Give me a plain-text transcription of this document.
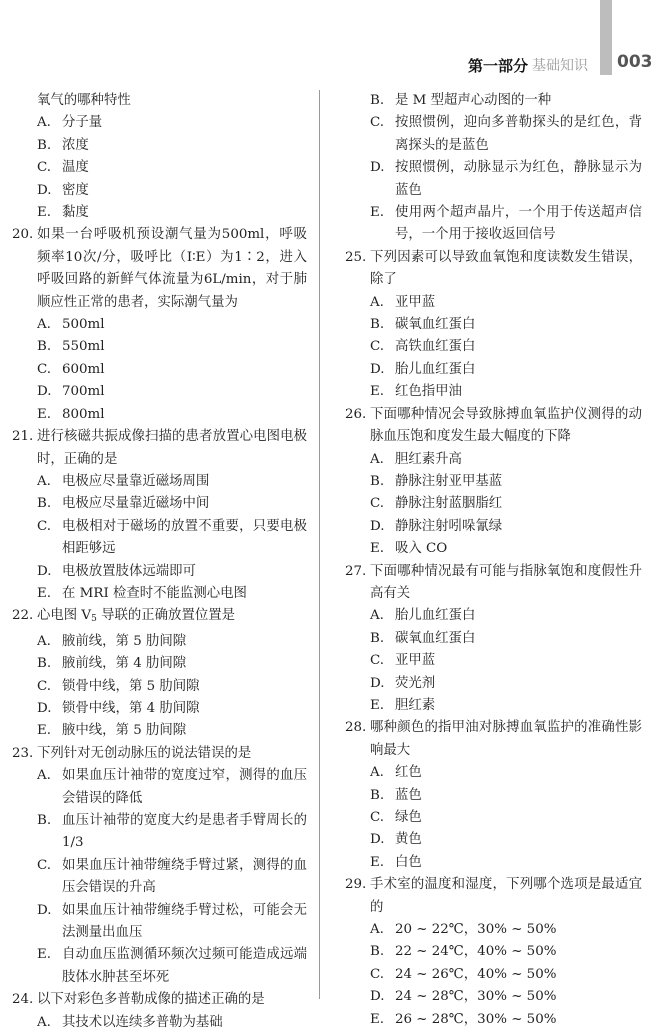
第一部分 基础知识 003
氧气的哪种特性
A. 分子量
B. 浓度
C. 温度
D. 密度
E. 黏度
20. 如果一台呼吸机预设潮气量为500ml，呼吸频率10次/分，吸呼比（I∶E）为1∶2，进入呼吸回路的新鲜气体流量为6L/min，对于肺顺应性正常的患者，实际潮气量为
A. 500ml
B. 550ml
C. 600ml
D. 700ml
E. 800ml
21. 进行核磁共振成像扫描的患者放置心电图电极时，正确的是
A. 电极应尽量靠近磁场周围
B. 电极应尽量靠近磁场中间
C. 电极相对于磁场的放置不重要，只要电极相距够远
D. 电极放置肢体远端即可
E. 在 MRI 检查时不能监测心电图
22. 心电图 $V_5$ 导联的正确放置位置是
A. 腋前线，第 5 肋间隙
B. 腋前线，第 4 肋间隙
C. 锁骨中线，第 5 肋间隙
D. 锁骨中线，第 4 肋间隙
E. 腋中线，第 5 肋间隙
23. 下列针对无创动脉压的说法错误的是
A. 如果血压计袖带的宽度过窄，测得的血压会错误的降低
B. 血压计袖带的宽度大约是患者手臂周长的 1/3
C. 如果血压计袖带缠绕手臂过紧，测得的血压会错误的升高
D. 如果血压计袖带缠绕手臂过松，可能会无法测量出血压
E. 自动血压监测循环频次过频可能造成远端肢体水肿甚至坏死
24. 以下对彩色多普勒成像的描述正确的是
A. 其技术以连续多普勒为基础
B. 是 M 型超声心动图的一种
C. 按照惯例，迎向多普勒探头的是红色，背离探头的是蓝色
D. 按照惯例，动脉显示为红色，静脉显示为蓝色
E. 使用两个超声晶片，一个用于传送超声信号，一个用于接收返回信号
25. 下列因素可以导致血氧饱和度读数发生错误，除了
A. 亚甲蓝
B. 碳氧血红蛋白
C. 高铁血红蛋白
D. 胎儿血红蛋白
E. 红色指甲油
26. 下面哪种情况会导致脉搏血氧监护仪测得的动脉血压饱和度发生最大幅度的下降
A. 胆红素升高
B. 静脉注射亚甲基蓝
C. 静脉注射蓝胭脂红
D. 静脉注射吲哚氰绿
E. 吸入 CO
27. 下面哪种情况最有可能与指脉氧饱和度假性升高有关
A. 胎儿血红蛋白
B. 碳氧血红蛋白
C. 亚甲蓝
D. 荧光剂
E. 胆红素
28. 哪种颜色的指甲油对脉搏血氧监护的准确性影响最大
A. 红色
B. 蓝色
C. 绿色
D. 黄色
E. 白色
29. 手术室的温度和湿度，下列哪个选项是最适宜的
A. 20 ~ 22℃，30% ~ 50%
B. 22 ~ 24℃，40% ~ 50%
C. 24 ~ 26℃，40% ~ 50%
D. 24 ~ 28℃，30% ~ 50%
E. 26 ~ 28℃，30% ~ 50%
